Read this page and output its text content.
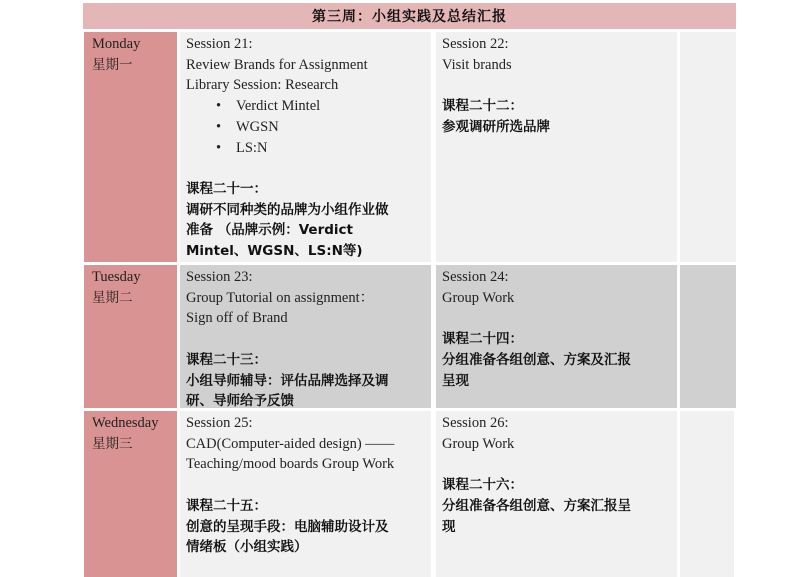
第三周：小组实践及总结汇报
Monday
星期一
Session 21:
Review Brands for Assignment
Library Session: Research
• Verdict Mintel
• WGSN
• LS:N
课程二十一：
调研不同种类的品牌为小组作业做
准备 （品牌示例：Verdict
Mintel、WGSN、LS:N等)
Session 22:
Visit brands
课程二十二：
参观调研所选品牌
Tuesday
星期二
Session 23:
Group Tutorial on assignment：
Sign off of Brand
课程二十三：
小组导师辅导：评估品牌选择及调
研、导师给予反馈
Session 24:
Group Work
课程二十四：
分组准备各组创意、方案及汇报
呈现
Wednesday
星期三
Session 25:
CAD(Computer-aided design) ——
Teaching/mood boards Group Work
课程二十五：
创意的呈现手段：电脑辅助设计及
情绪板（小组实践）
Session 26:
Group Work
课程二十六：
分组准备各组创意、方案汇报呈
现
